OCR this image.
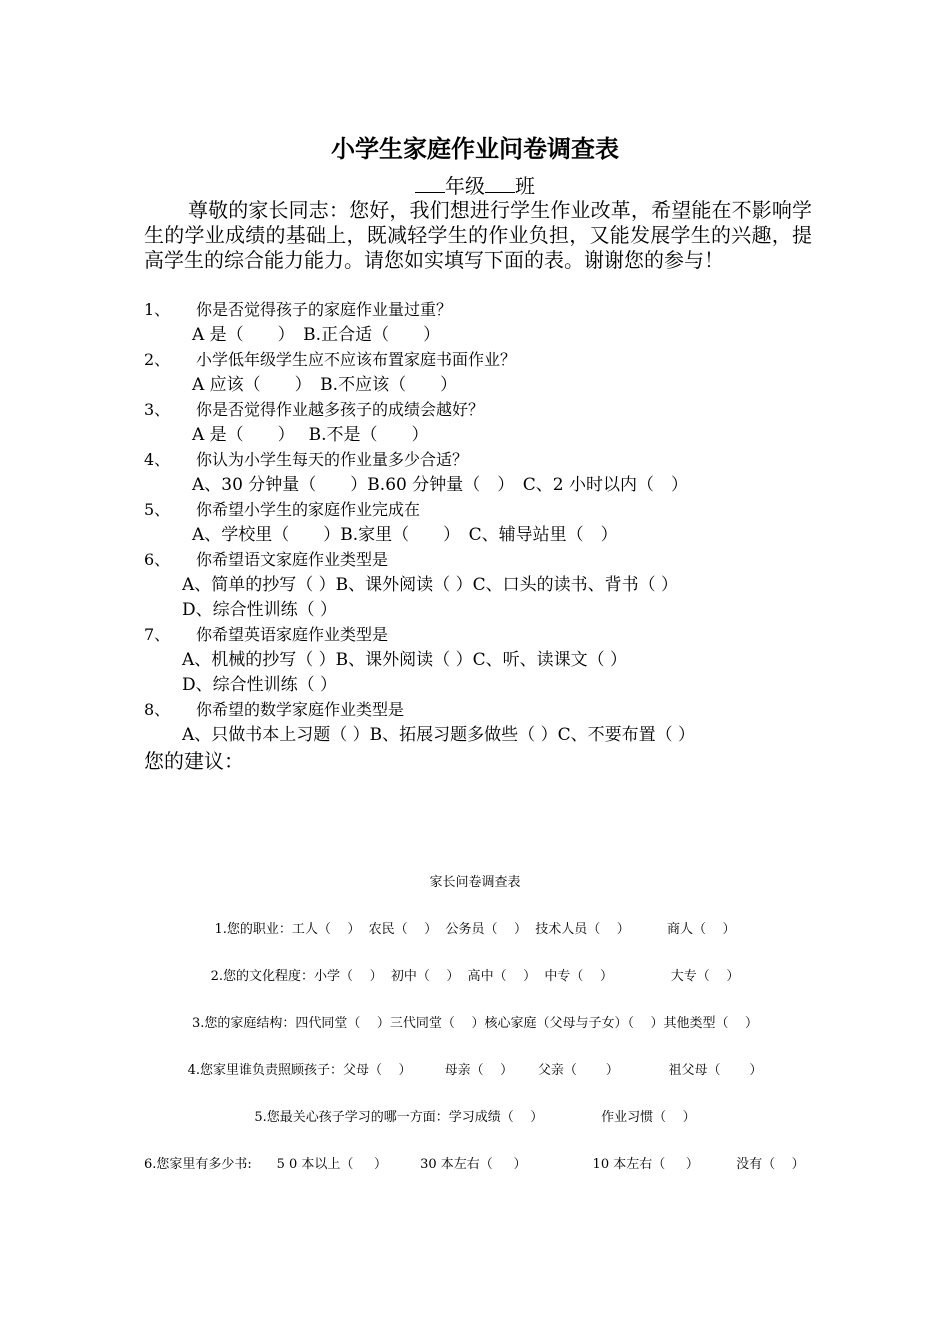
小学生家庭作业问卷调查表
年级 班
尊敬的家长同志：您好，我们想进行学生作业改革，希望能在不影响学生的学业成绩的基础上，既减轻学生的作业负担，又能发展学生的兴趣，提高学生的综合能力能力。请您如实填写下面的表。谢谢您的参与！
1、 你是否觉得孩子的家庭作业量过重？
A 是（　　）　B.正合适（　　）
2、 小学低年级学生应不应该布置家庭书面作业？
A 应该（　　）　B.不应该（　　）
3、 你是否觉得作业越多孩子的成绩会越好？
A 是（　　）　 B.不是（　　）
4、 你认为小学生每天的作业量多少合适？
A、30 分钟量（　　）B.60 分钟量（　）　C、2 小时以内（　）
5、 你希望小学生的家庭作业完成在
A、学校里（　　）B.家里（　　）　C、辅导站里（　）
6、 你希望语文家庭作业类型是
A、简单的抄写（ ）B、课外阅读（ ）C、口头的读书、背书（ ）
D、综合性训练（ ）
7、 你希望英语家庭作业类型是
A、机械的抄写（ ）B、课外阅读（ ）C、听、读课文（ ）
D、综合性训练（ ）
8、 你希望的数学家庭作业类型是
A、只做书本上习题（ ）B、拓展习题多做些（ ）C、不要布置（ ）
您的建议：
家长问卷调查表
1.您的职业：工人（    ）  农民（    ）  公务员（    ）  技术人员（    ）         商人（    ）
2.您的文化程度：小学（    ）  初中（    ）  高中（    ）  中专（    ）              大专（    ）
3.您的家庭结构：四代同堂（    ）三代同堂（    ）核心家庭（父母与子女）（    ）其他类型（    ）
4.您家里谁负责照顾孩子：父母（    ）        母亲（    ）      父亲（       ）            祖父母（       ）
5.您最关心孩子学习的哪一方面：学习成绩（    ）              作业习惯（    ）
6.您家里有多少书:      5 0 本以上（     ）        30 本左右（     ）                10 本左右（     ）         没有（    ）
